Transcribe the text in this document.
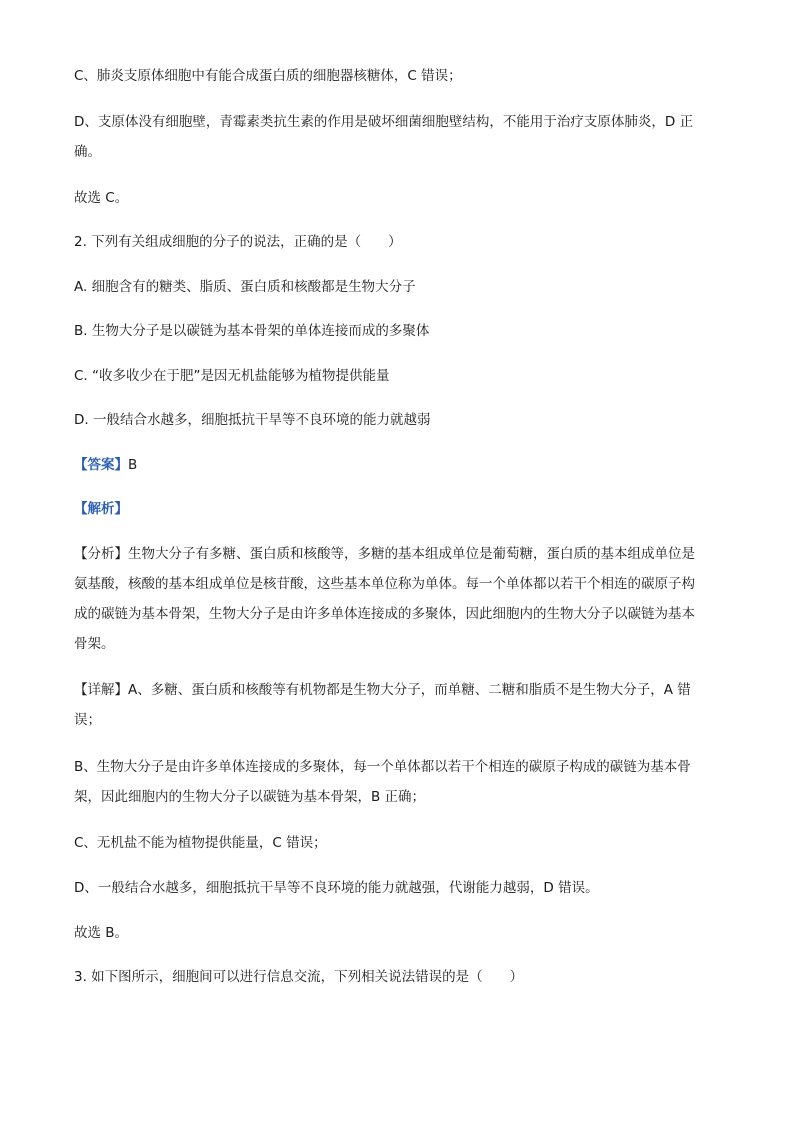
C、肺炎支原体细胞中有能合成蛋白质的细胞器核糖体，C 错误；
D、支原体没有细胞壁，青霉素类抗生素的作用是破坏细菌细胞壁结构，不能用于治疗支原体肺炎，D 正
确。
故选 C。
2. 下列有关组成细胞的分子的说法，正确的是（　　）
A. 细胞含有的糖类、脂质、蛋白质和核酸都是生物大分子
B. 生物大分子是以碳链为基本骨架的单体连接而成的多聚体
C. “收多收少在于肥”是因无机盐能够为植物提供能量
D. 一般结合水越多，细胞抵抗干旱等不良环境的能力就越弱
【答案】B
【解析】
【分析】生物大分子有多糖、蛋白质和核酸等，多糖的基本组成单位是葡萄糖，蛋白质的基本组成单位是
氨基酸，核酸的基本组成单位是核苷酸，这些基本单位称为单体。每一个单体都以若干个相连的碳原子构
成的碳链为基本骨架，生物大分子是由许多单体连接成的多聚体，因此细胞内的生物大分子以碳链为基本
骨架。
【详解】A、多糖、蛋白质和核酸等有机物都是生物大分子，而单糖、二糖和脂质不是生物大分子，A 错
误；
B、生物大分子是由许多单体连接成的多聚体，每一个单体都以若干个相连的碳原子构成的碳链为基本骨
架，因此细胞内的生物大分子以碳链为基本骨架，B 正确；
C、无机盐不能为植物提供能量，C 错误；
D、一般结合水越多，细胞抵抗干旱等不良环境的能力就越强，代谢能力越弱，D 错误。
故选 B。
3. 如下图所示，细胞间可以进行信息交流，下列相关说法错误的是（　　）
